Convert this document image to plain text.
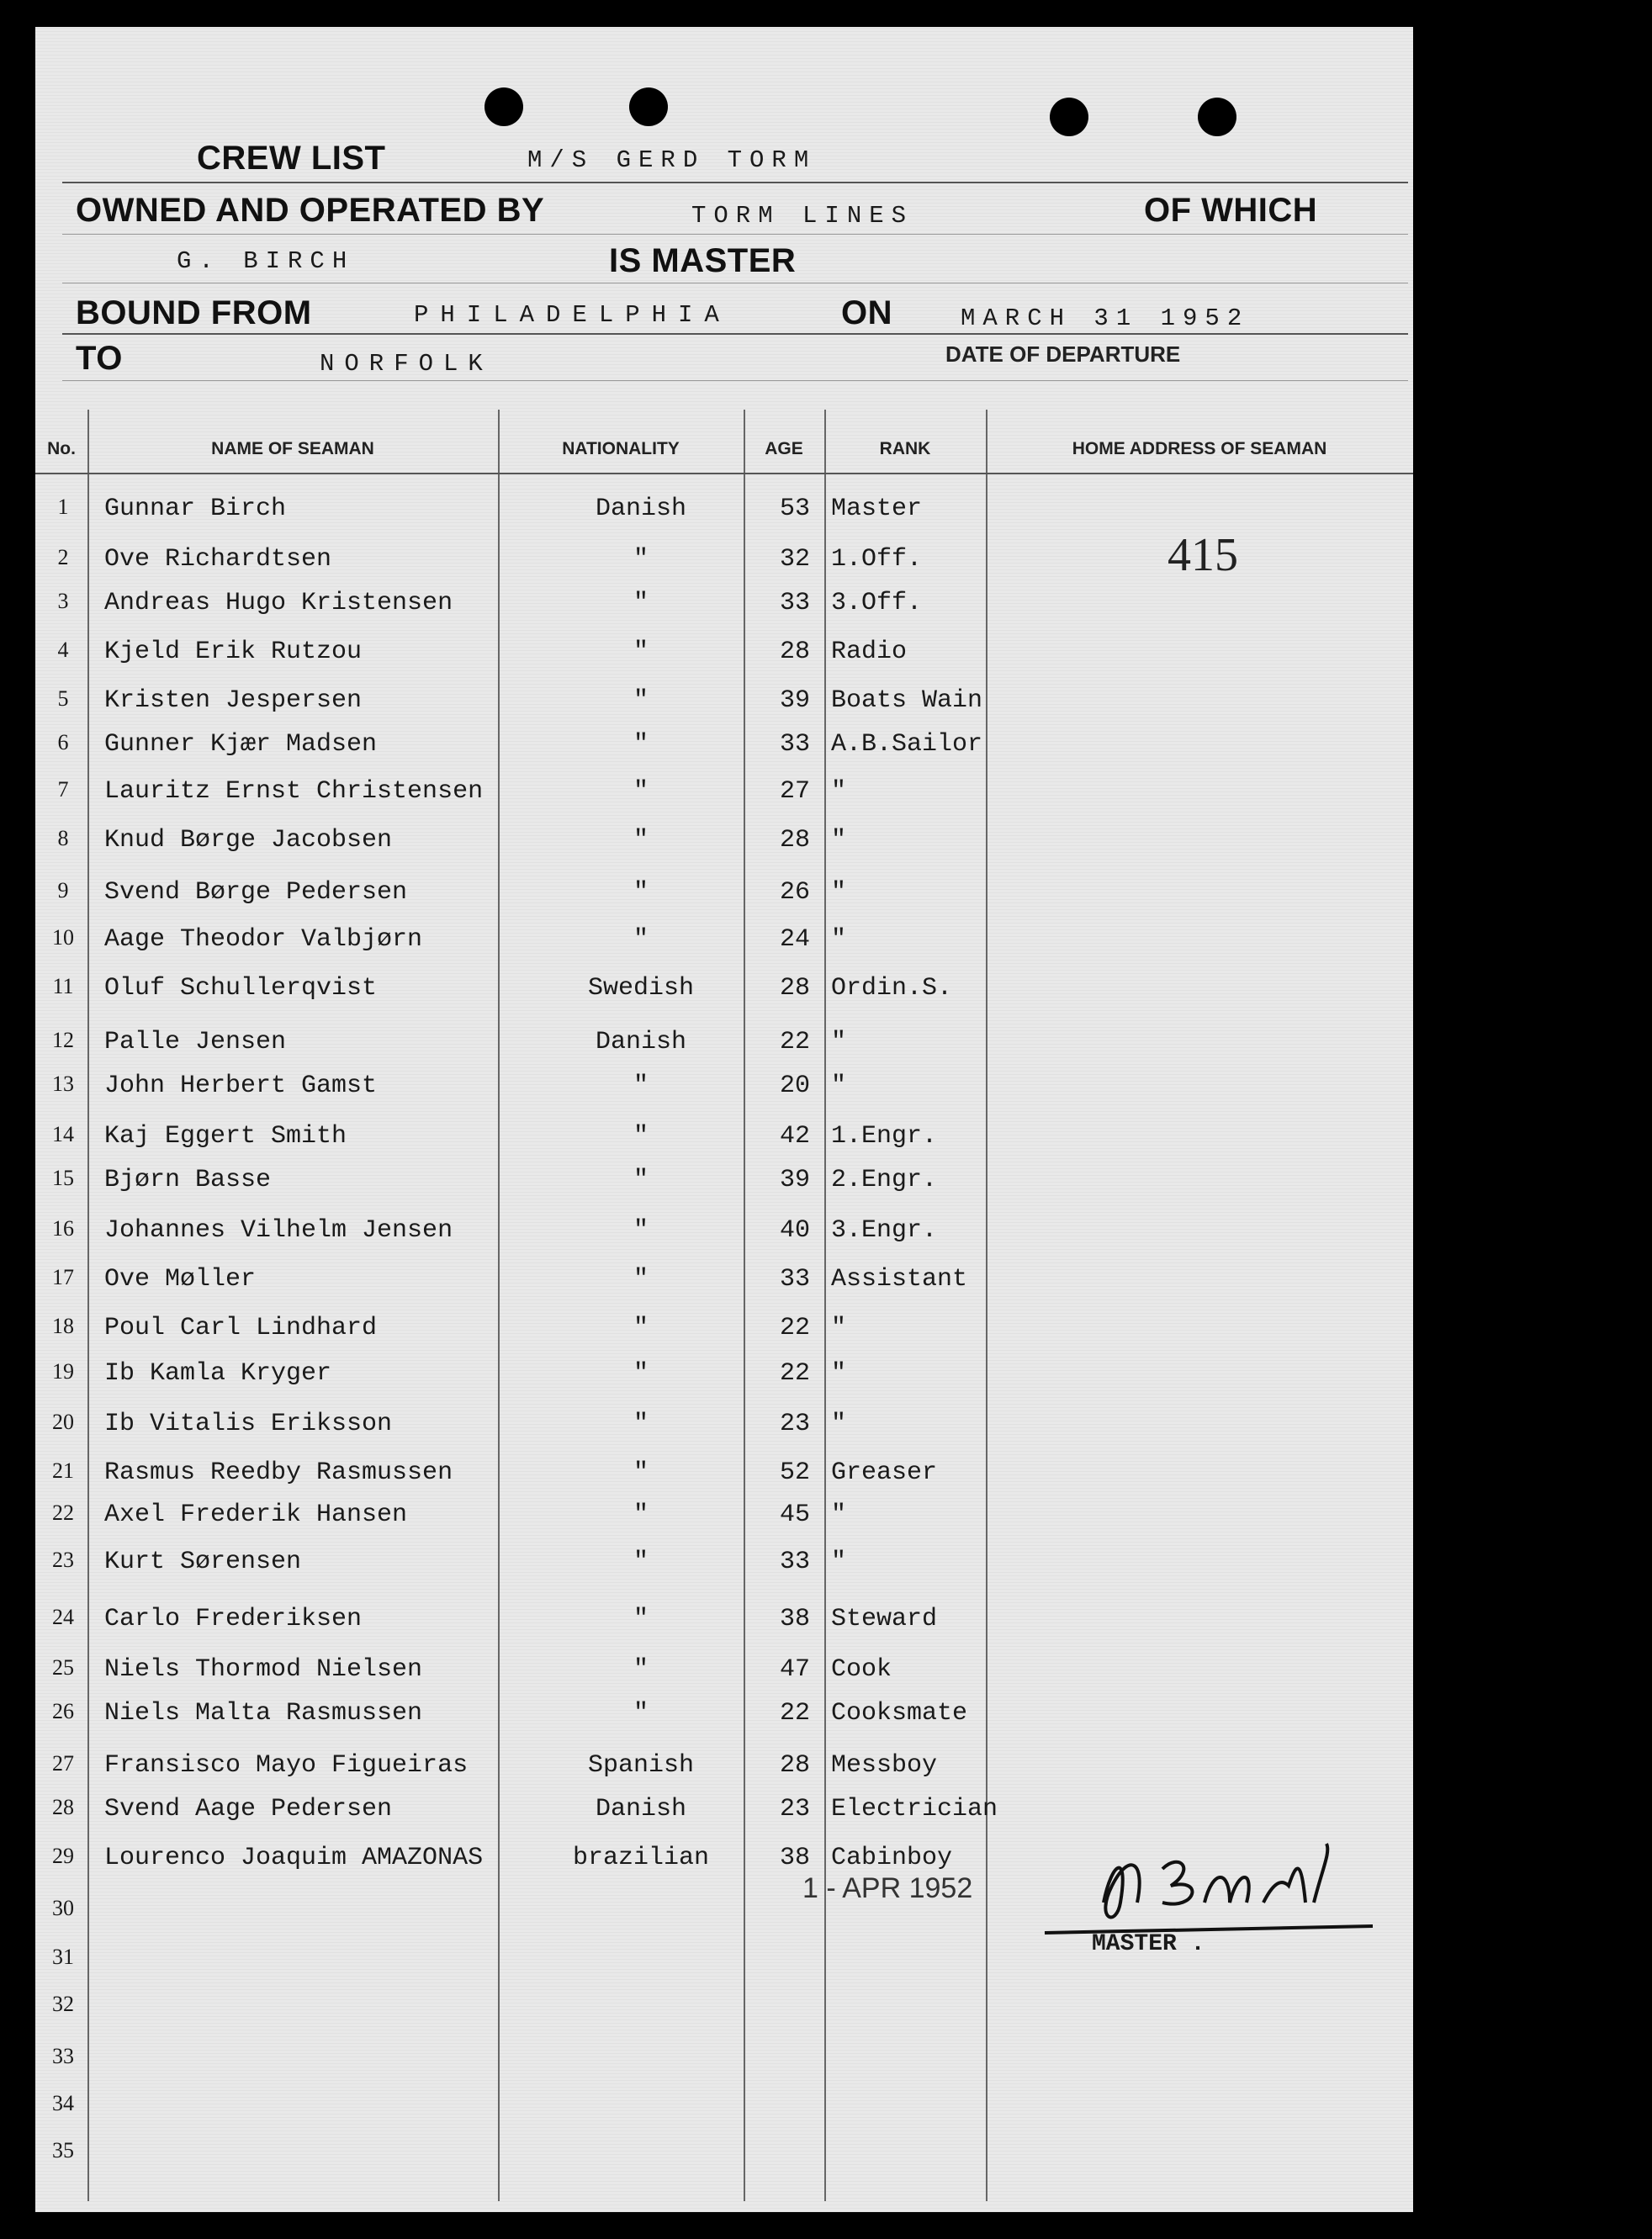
CREW LIST	M/S GERD TORM
OWNED AND OPERATED BY	TORM LINES	OF WHICH
G. BIRCH	IS MASTER
BOUND FROM	PHILADELPHIA	ON	MARCH 31 1952
TO	NORFOLK	DATE OF DEPARTURE
No.	NAME OF SEAMAN	NATIONALITY	AGE	RANK	HOME ADDRESS OF SEAMAN
415
1	Gunnar Birch	Danish	53 Master
2	Ove Richardtsen	"	32 1.Off.
3	Andreas Hugo Kristensen	"	33 3.Off.
4	Kjeld Erik Rutzou	"	28 Radio
5	Kristen Jespersen	"	39 Boats Wain
6	Gunner Kjær Madsen	"	33 A.B.Sailor
7	Lauritz Ernst Christensen	"	27 "
8	Knud Børge Jacobsen	"	28 "
9	Svend Børge Pedersen	"	26 "
10	Aage Theodor Valbjørn	"	24 "
11	Oluf Schullerqvist	Swedish	28 Ordin.S.
12	Palle Jensen	Danish	22 "
13	John Herbert Gamst	"	20 "
14	Kaj Eggert Smith	"	42 1.Engr.
15	Bjørn Basse	"	39 2.Engr.
16	Johannes Vilhelm Jensen	"	40 3.Engr.
17	Ove Møller	"	33 Assistant
18	Poul Carl Lindhard	"	22 "
19	Ib Kamla Kryger	"	22 "
20	Ib Vitalis Eriksson	"	23 "
21	Rasmus Reedby Rasmussen	"	52 Greaser
22	Axel Frederik Hansen	"	45 "
23	Kurt Sørensen	"	33 "
24	Carlo Frederiksen	"	38 Steward
25	Niels Thormod Nielsen	"	47 Cook
26	Niels Malta Rasmussen	"	22 Cooksmate
27	Fransisco Mayo Figueiras	Spanish	28 Messboy
28	Svend Aage Pedersen	Danish	23 Electrician
29	Lourenco Joaquim AMAZONAS	brazilian	38 Cabinboy
30
31
32
33
34
35
1 - APR 1952
MASTER .
